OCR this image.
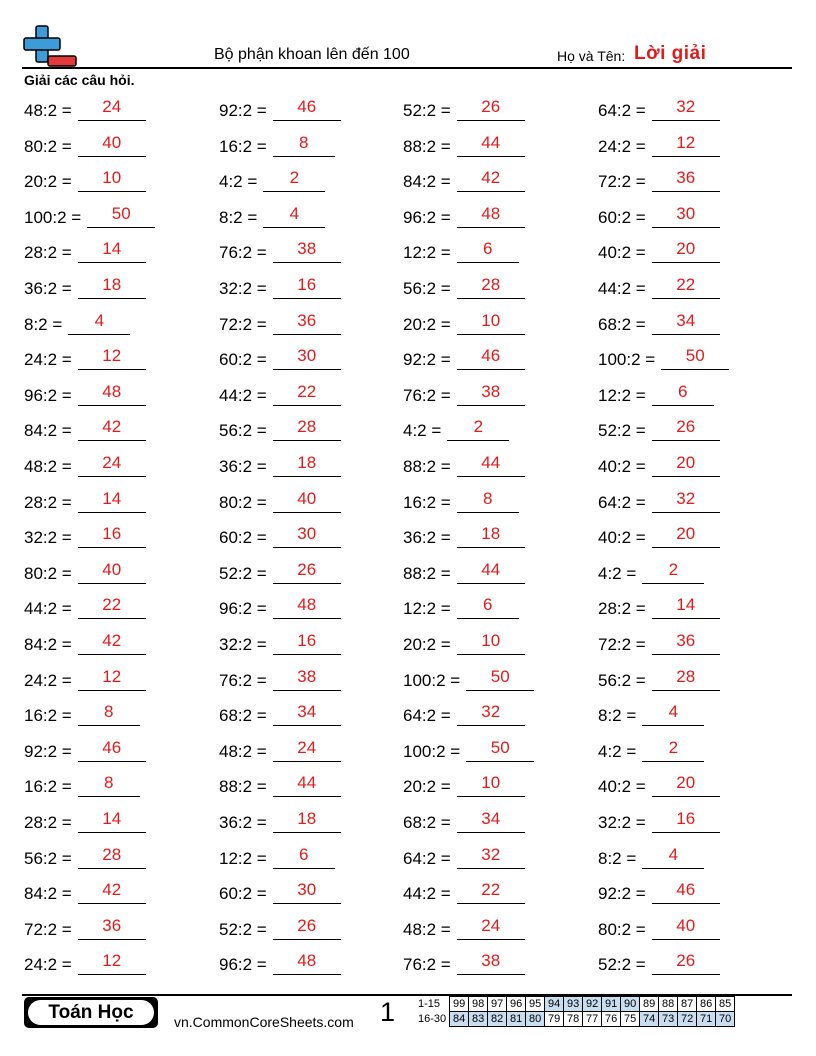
Bộ phận khoan lên đến 100	Họ và Tên: Lời giải
Giải các câu hỏi.
48:2 =	24	92:2 =	46	52:2 =	26	64:2 =	32
80:2 =	40	16:2 =	8	88:2 =	44	24:2 =	12
20:2 =	10	4:2 =	2	84:2 =	42	72:2 =	36
100:2 =	50	8:2 =	4	96:2 =	48	60:2 =	30
28:2 =	14	76:2 =	38	12:2 =	6	40:2 =	20
36:2 =	18	32:2 =	16	56:2 =	28	44:2 =	22
8:2 =	4	72:2 =	36	20:2 =	10	68:2 =	34
24:2 =	12	60:2 =	30	92:2 =	46	100:2 =	50
96:2 =	48	44:2 =	22	76:2 =	38	12:2 =	6
84:2 =	42	56:2 =	28	4:2 =	2	52:2 =	26
48:2 =	24	36:2 =	18	88:2 =	44	40:2 =	20
28:2 =	14	80:2 =	40	16:2 =	8	64:2 =	32
32:2 =	16	60:2 =	30	36:2 =	18	40:2 =	20
80:2 =	40	52:2 =	26	88:2 =	44	4:2 =	2
44:2 =	22	96:2 =	48	12:2 =	6	28:2 =	14
84:2 =	42	32:2 =	16	20:2 =	10	72:2 =	36
24:2 =	12	76:2 =	38	100:2 =	50	56:2 =	28
16:2 =	8	68:2 =	34	64:2 =	32	8:2 =	4
92:2 =	46	48:2 =	24	100:2 =	50	4:2 =	2
16:2 =	8	88:2 =	44	20:2 =	10	40:2 =	20
28:2 =	14	36:2 =	18	68:2 =	34	32:2 =	16
56:2 =	28	12:2 =	6	64:2 =	32	8:2 =	4
84:2 =	42	60:2 =	30	44:2 =	22	92:2 =	46
72:2 =	36	52:2 =	26	48:2 =	24	80:2 =	40
24:2 =	12	96:2 =	48	76:2 =	38	52:2 =	26
Toán Học	vn.CommonCoreSheets.com 1 1-15	99	98	97	96	95	94	93	92	91	90	89	88	87	86	85
16-30	84	83	82	81	80	79	78	77	76	75	74	73	72	71	70
